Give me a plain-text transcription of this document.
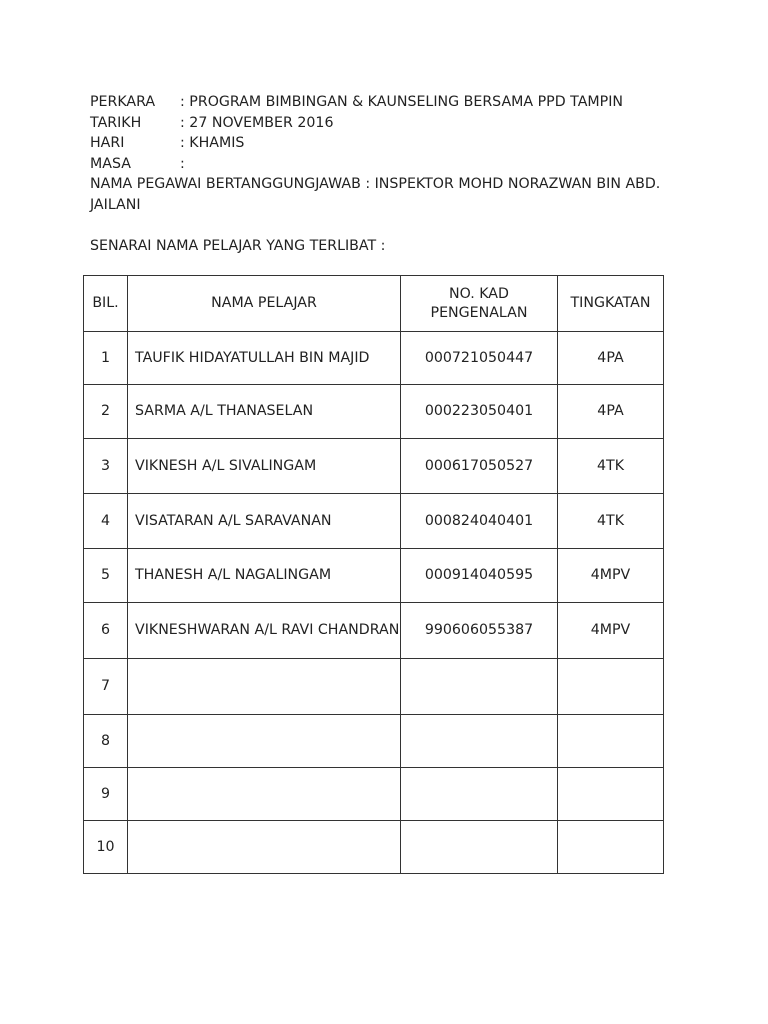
PERKARA : PROGRAM BIMBINGAN & KAUNSELING BERSAMA PPD TAMPIN
TARIKH	: 27 NOVEMBER 2016
HARI	: KHAMIS
MASA	:
NAMA PEGAWAI BERTANGGUNGJAWAB : INSPEKTOR MOHD NORAZWAN BIN ABD. JAILANI
SENARAI NAMA PELAJAR YANG TERLIBAT :
BIL.	NAMA PELAJAR	NO. KAD PENGENALAN	TINGKATAN
1	TAUFIK HIDAYATULLAH BIN MAJID	000721050447	4PA
2	SARMA A/L THANASELAN	000223050401	4PA
3	VIKNESH A/L SIVALINGAM	000617050527	4TK
4	VISATARAN A/L SARAVANAN	000824040401	4TK
5	THANESH A/L NAGALINGAM	000914040595	4MPV
6	VIKNESHWARAN A/L RAVI CHANDRAN	990606055387	4MPV
7			
8			
9			
10			
